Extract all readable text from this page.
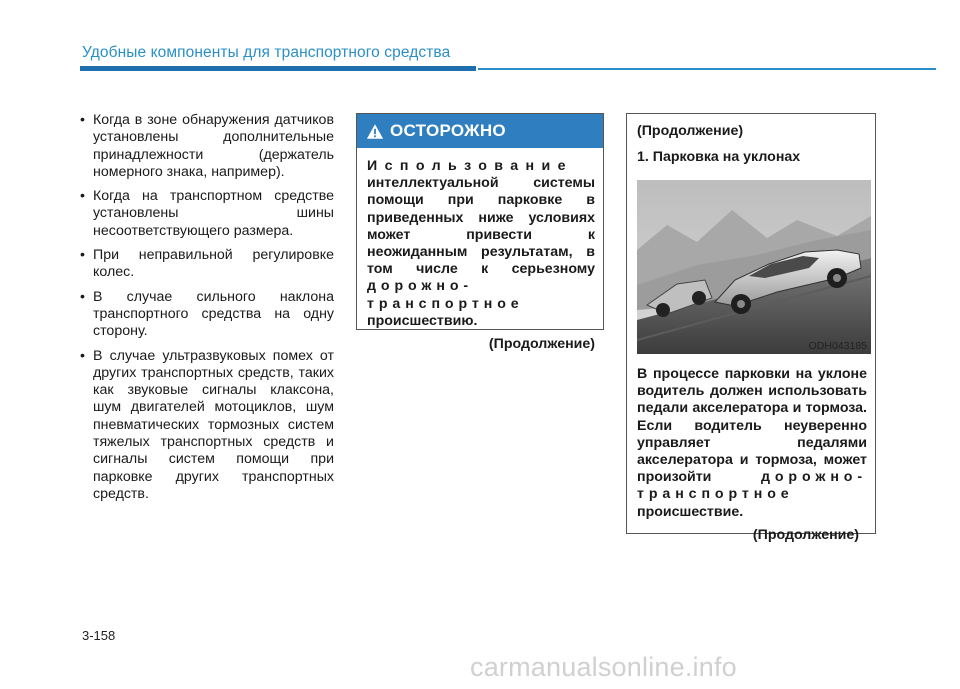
Удобные компоненты для транспортного средства
• Когда в зоне обнаружения датчиков установлены дополнительные принадлежности (держатель номерного знака, например).
• Когда на транспортном средстве установлены шины несоответствующего размера.
• При неправильной регулировке колес.
• В случае сильного наклона транспортного средства на одну сторону.
• В случае ультразвуковых помех от других транспортных средств, таких как звуковые сигналы клаксона, шум двигателей мотоциклов, шум пневматических тормозных систем тяжелых транспортных средств и сигналы систем помощи при парковке других транспортных средств.
ОСТОРОЖНО
Использование интеллектуальной системы помощи при парковке в приведенных ниже условиях может привести к неожиданным результатам, в том числе к серьезному дорожно-транспортное происшествию.
(Продолжение)
(Продолжение)
1. Парковка на уклонах
ODH043185
В процессе парковки на уклоне водитель должен использовать педали акселератора и тормоза. Если водитель неуверенно управляет педалями акселератора и тормоза, может произойти	дорожно-транспортное происшествие.
(Продолжение)
3-158
carmanualsonline.info
